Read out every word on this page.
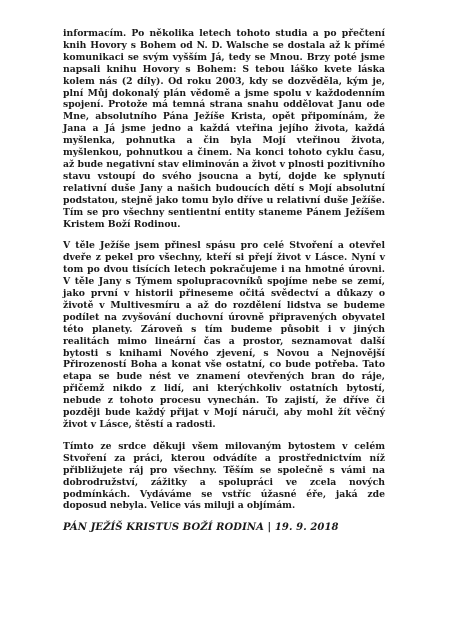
informacím. Po několika letech tohoto studia a po přečtení knih Hovory s Bohem od N. D. Walsche se dostala až k přímé komunikaci se svým vyšším Já, tedy se Mnou. Brzy poté jsme napsali knihu Hovory s Bohem: S tebou láško kvete láska kolem nás (2 díly). Od roku 2003, kdy se dozvěděla, kým je, plní Můj dokonalý plán vědomě a jsme spolu v každodenním spojení. Protože má temná strana snahu oddělovat Janu ode Mne, absolutního Pána Ježíše Krista, opět připomínám, že Jana a Já jsme jedno a každá vteřina jejího života, každá myšlenka, pohnutka a čin byla Mojí vteřinou života, myšlenkou, pohnutkou a činem. Na konci tohoto cyklu času, až bude negativní stav eliminován a život v plnosti pozitivního stavu vstoupí do svého jsoucna a bytí, dojde ke splynutí relativní duše Jany a našich budoucích dětí s Mojí absolutní podstatou, stejně jako tomu bylo dříve u relativní duše Ježíše. Tím se pro všechny sentientní entity staneme Pánem Ježíšem Kristem Boží Rodinou.

V těle Ježíše jsem přinesl spásu pro celé Stvoření a otevřel dveře z pekel pro všechny, kteří si přejí život v Lásce. Nyní v tom po dvou tisících letech pokračujeme i na hmotné úrovni. V těle Jany s Týmem spolupracovníků spojíme nebe se zemí, jako první v historii přineseme očitá svědectví a důkazy o životě v Multivesmíru a až do rozdělení lidstva se budeme podílet na zvyšování duchovní úrovně připravených obyvatel této planety. Zároveň s tím budeme působit i v jiných realitách mimo lineární čas a prostor, seznamovat další bytosti s knihami Nového zjevení, s Novou a Nejnovější Přirozeností Boha a konat vše ostatní, co bude potřeba. Tato etapa se bude nést ve znamení otevřených bran do ráje, přičemž nikdo z lidí, ani kterýchkoliv ostatních bytostí, nebude z tohoto procesu vynechán. To zajistí, že dříve či později bude každý přijat v Mojí náruči, aby mohl žít věčný život v Lásce, štěstí a radosti.

Tímto ze srdce děkuji všem milovaným bytostem v celém Stvoření za práci, kterou odvádíte a prostřednictvím níž přibližujete ráj pro všechny. Těším se společně s vámi na dobrodružství, zážitky a spolupráci ve zcela nových podmínkách. Vydáváme se vstříc úžasné éře, jaká zde doposud nebyla. Velice vás miluji a objímám.

PÁN JEŽÍŠ KRISTUS BOŽÍ RODINA | 19. 9. 2018
